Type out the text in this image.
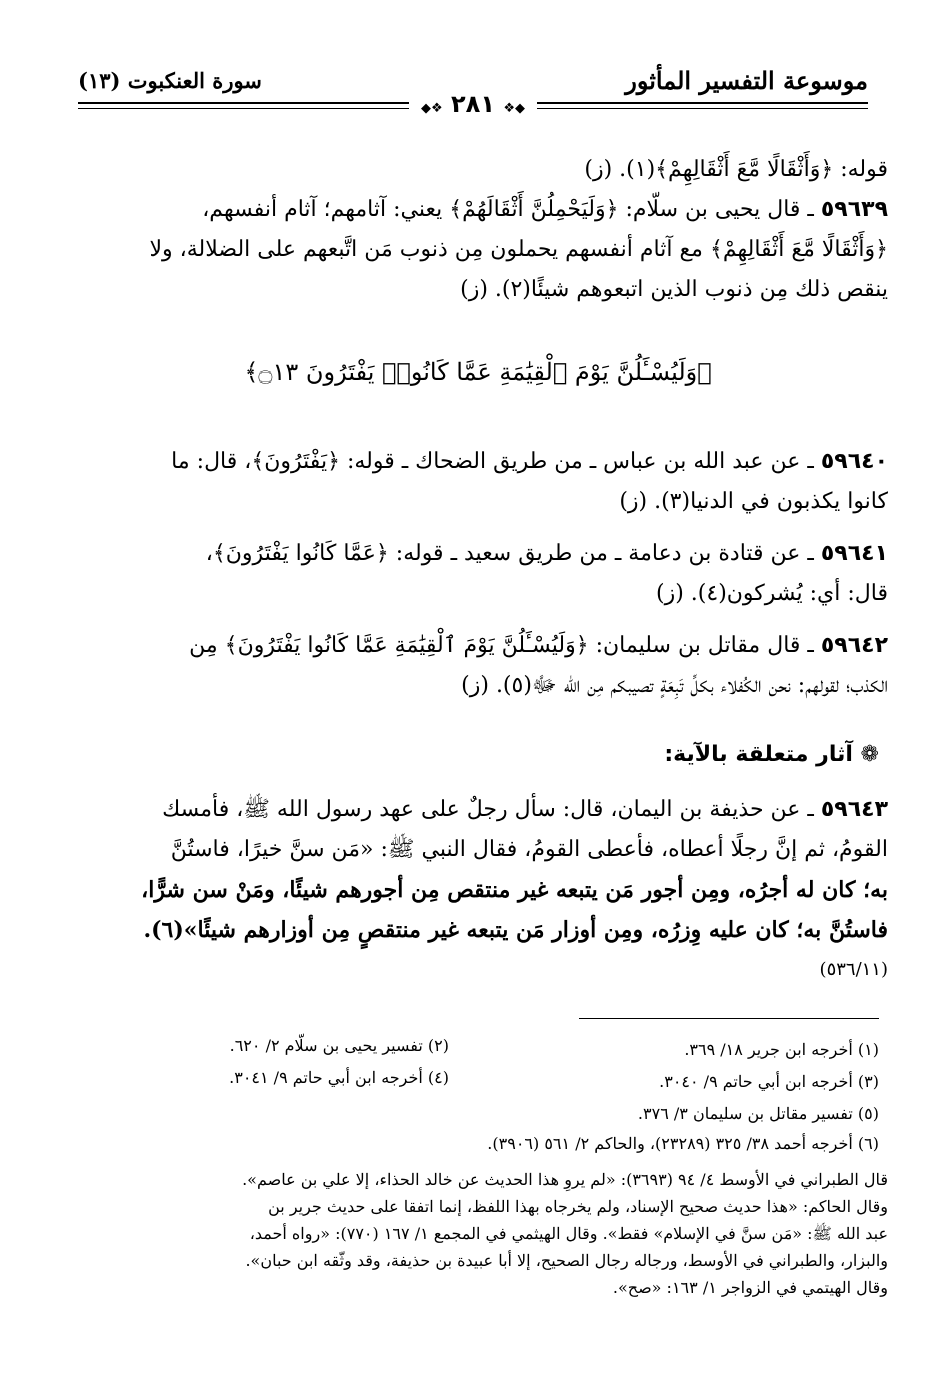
موسوعة التفسير المأثور
سورة العنكبوت (١٣)
◆❖ ٢٨١ ❖◆

قوله: ﴿وَأَثْقَالًا مَّعَ أَثْقَالِهِمْ﴾(١). (ز)

٥٩٦٣٩ ـ قال يحيى بن سلّام: ﴿وَلَيَحْمِلُنَّ أَثْقَالَهُمْ﴾ يعني: آثامهم؛ آثام أنفسهم،

﴿وَأَثْقَالًا مَّعَ أَثْقَالِهِمْ﴾ مع آثام أنفسهم يحملون مِن ذنوب مَن اتَّبعهم على الضلالة، ولا

ينقص ذلك مِن ذنوب الذين اتبعوهم شيئًا(٢). (ز)

﴿وَلَيُسْـَٔلُنَّ يَوْمَ ٱلْقِيَٰمَةِ عَمَّا كَانُوا۟ يَفْتَرُونَ ۝١٣﴾

٥٩٦٤٠ ـ عن عبد الله بن عباس ـ من طريق الضحاك ـ قوله: ﴿يَفْتَرُونَ﴾، قال: ما

كانوا يكذبون في الدنيا(٣). (ز)

٥٩٦٤١ ـ عن قتادة بن دعامة ـ من طريق سعيد ـ قوله: ﴿عَمَّا كَانُوا يَفْتَرُونَ﴾،

قال: أي: يُشركون(٤). (ز)

٥٩٦٤٢ ـ قال مقاتل بن سليمان: ﴿وَلَيُسْـَٔلُنَّ يَوْمَ ٱلْقِيَٰمَةِ عَمَّا كَانُوا يَفْتَرُونَ﴾ مِن

الكذب؛ لقولهم: نحن الكُفلاء بكلِّ تَبِعَةٍ تصيبكم مِن الله ﷻ(٥). (ز)

❁ آثار متعلقة بالآية:

٥٩٦٤٣ ـ عن حذيفة بن اليمان، قال: سأل رجلٌ على عهد رسول الله ﷺ، فأمسك

القومُ، ثم إنَّ رجلًا أعطاه، فأعطى القومُ، فقال النبي ﷺ: «مَن سنَّ خيرًا، فاستُنَّ

به؛ كان له أجرُه، ومِن أجور مَن يتبعه غير منتقص مِن أجورهم شيئًا، ومَنْ سن شرًّا،

فاستُنَّ به؛ كان عليه وِزرُه، ومِن أوزار مَن يتبعه غير منتقصٍ مِن أوزارهم شيئًا»(٦).

(٥٣٦/١١)

(١) أخرجه ابن جرير ١٨/ ٣٦٩.
(٢) تفسير يحيى بن سلّام ٢/ ٦٢٠.
(٣) أخرجه ابن أبي حاتم ٩/ ٣٠٤٠.
(٤) أخرجه ابن أبي حاتم ٩/ ٣٠٤١.
(٥) تفسير مقاتل بن سليمان ٣/ ٣٧٦.
(٦) أخرجه أحمد ٣٨/ ٣٢٥ (٢٣٢٨٩)، والحاكم ٢/ ٥٦١ (٣٩٠٦).
قال الطبراني في الأوسط ٤/ ٩٤ (٣٦٩٣): «لم يروِ هذا الحديث عن خالد الحذاء، إلا علي بن عاصم».
وقال الحاكم: «هذا حديث صحيح الإسناد، ولم يخرجاه بهذا اللفظ، إنما اتفقا على حديث جرير بن
عبد الله ﷺ: «مَن سنَّ في الإسلام» فقط». وقال الهيثمي في المجمع ١/ ١٦٧ (٧٧٠): «رواه أحمد،
والبزار، والطبراني في الأوسط، ورجاله رجال الصحيح، إلا أبا عبيدة بن حذيفة، وقد وثّقه ابن حبان».
وقال الهيتمي في الزواجر ١/ ١٦٣: «صح».
